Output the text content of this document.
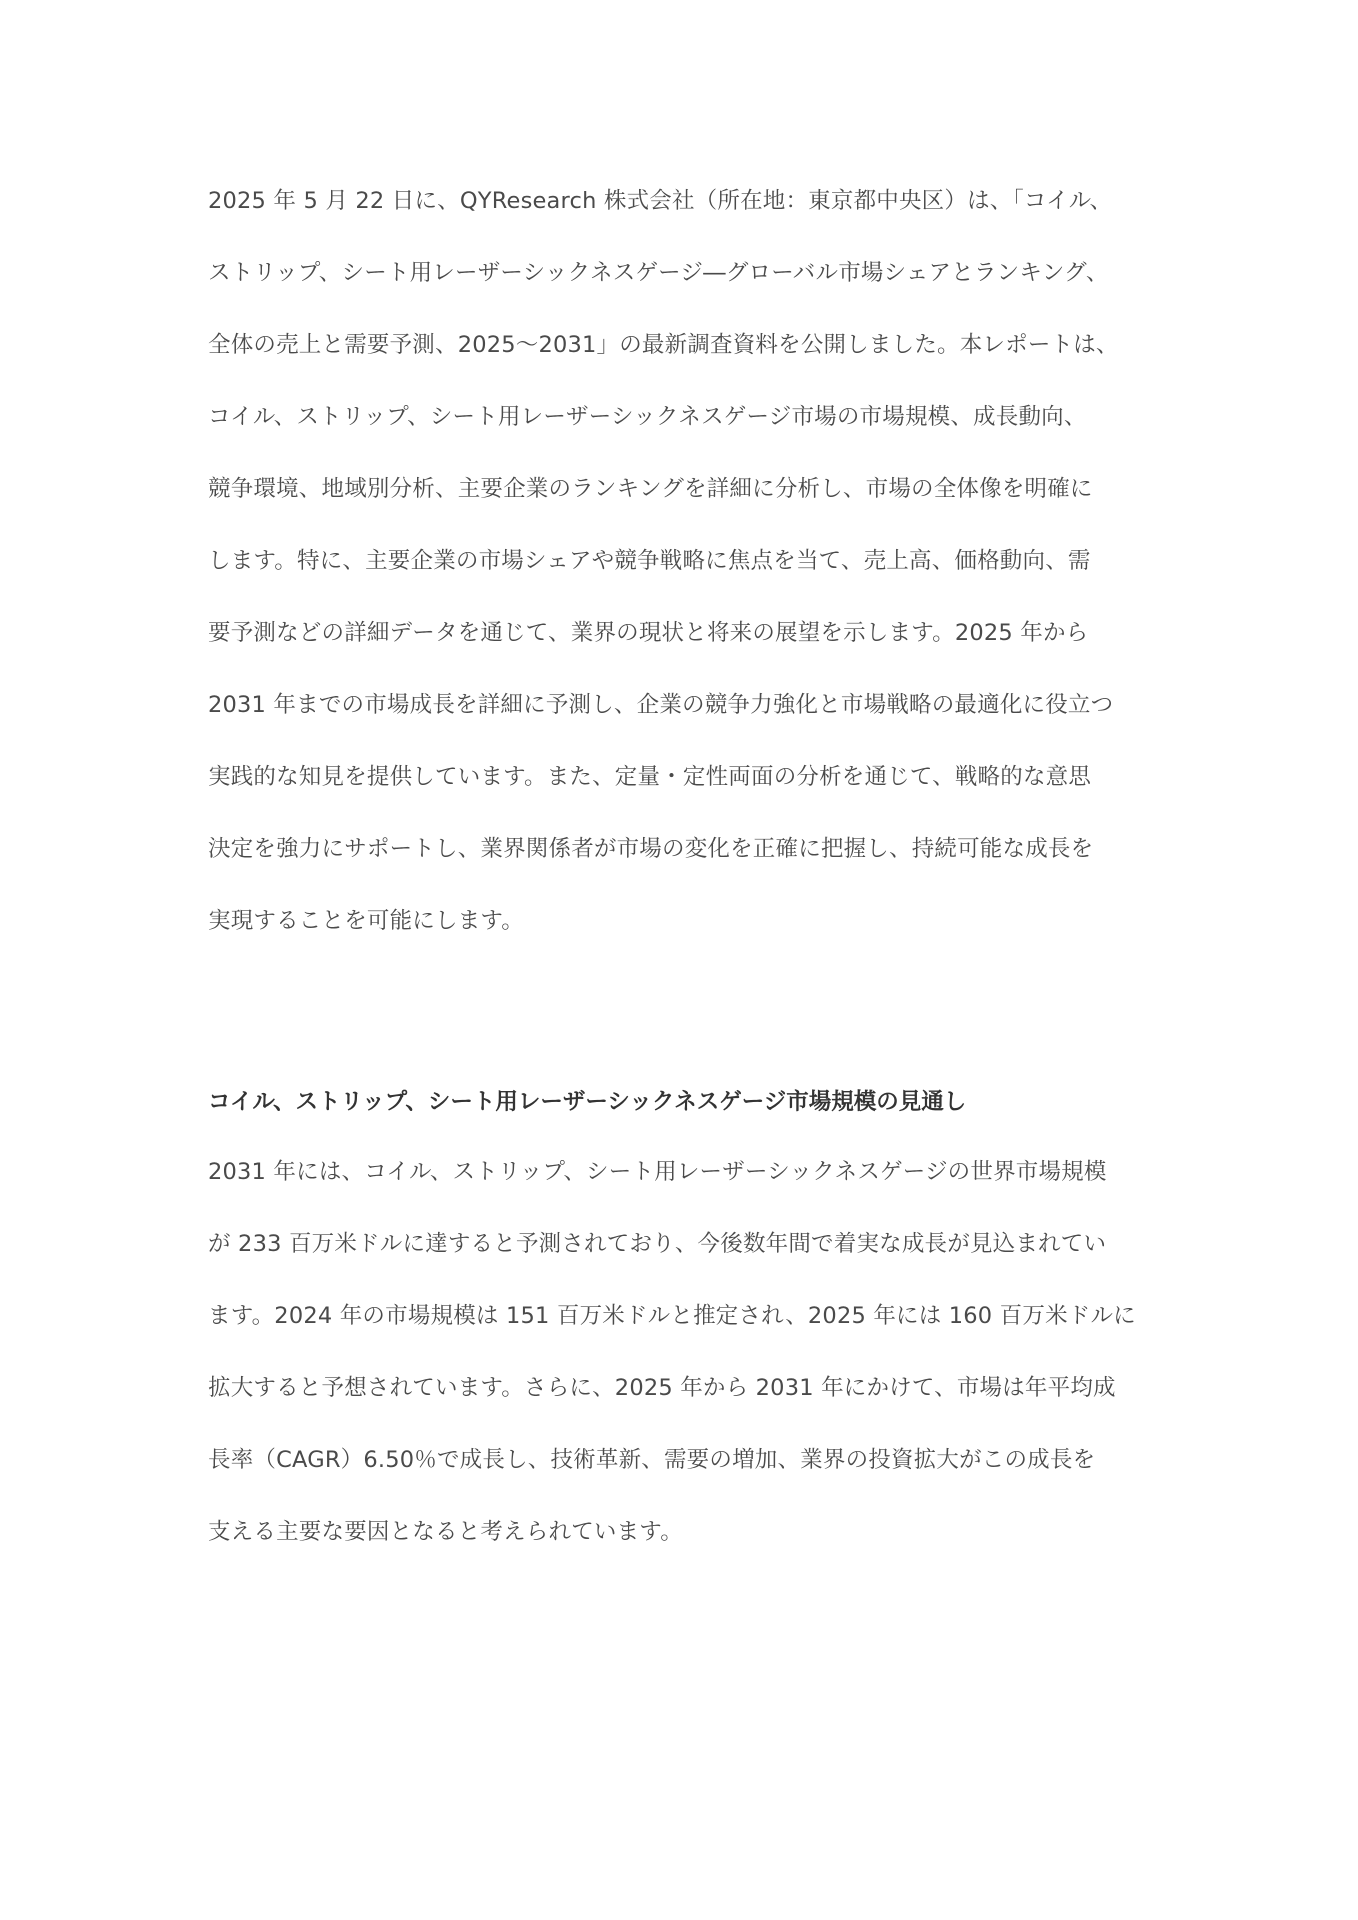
2025 年 5 月 22 日に、QYResearch 株式会社（所在地：東京都中央区）は、「コイル、
ストリップ、シート用レーザーシックネスゲージ―グローバル市場シェアとランキング、
全体の売上と需要予測、2025～2031」の最新調査資料を公開しました。本レポートは、
コイル、ストリップ、シート用レーザーシックネスゲージ市場の市場規模、成長動向、
競争環境、地域別分析、主要企業のランキングを詳細に分析し、市場の全体像を明確に
します。特に、主要企業の市場シェアや競争戦略に焦点を当て、売上高、価格動向、需
要予測などの詳細データを通じて、業界の現状と将来の展望を示します。2025 年から
2031 年までの市場成長を詳細に予測し、企業の競争力強化と市場戦略の最適化に役立つ
実践的な知見を提供しています。また、定量・定性両面の分析を通じて、戦略的な意思
決定を強力にサポートし、業界関係者が市場の変化を正確に把握し、持続可能な成長を
実現することを可能にします。
コイル、ストリップ、シート用レーザーシックネスゲージ市場規模の見通し
2031 年には、コイル、ストリップ、シート用レーザーシックネスゲージの世界市場規模
が 233 百万米ドルに達すると予測されており、今後数年間で着実な成長が見込まれてい
ます。2024 年の市場規模は 151 百万米ドルと推定され、2025 年には 160 百万米ドルに
拡大すると予想されています。さらに、2025 年から 2031 年にかけて、市場は年平均成
長率（CAGR）6.50％で成長し、技術革新、需要の増加、業界の投資拡大がこの成長を
支える主要な要因となると考えられています。
